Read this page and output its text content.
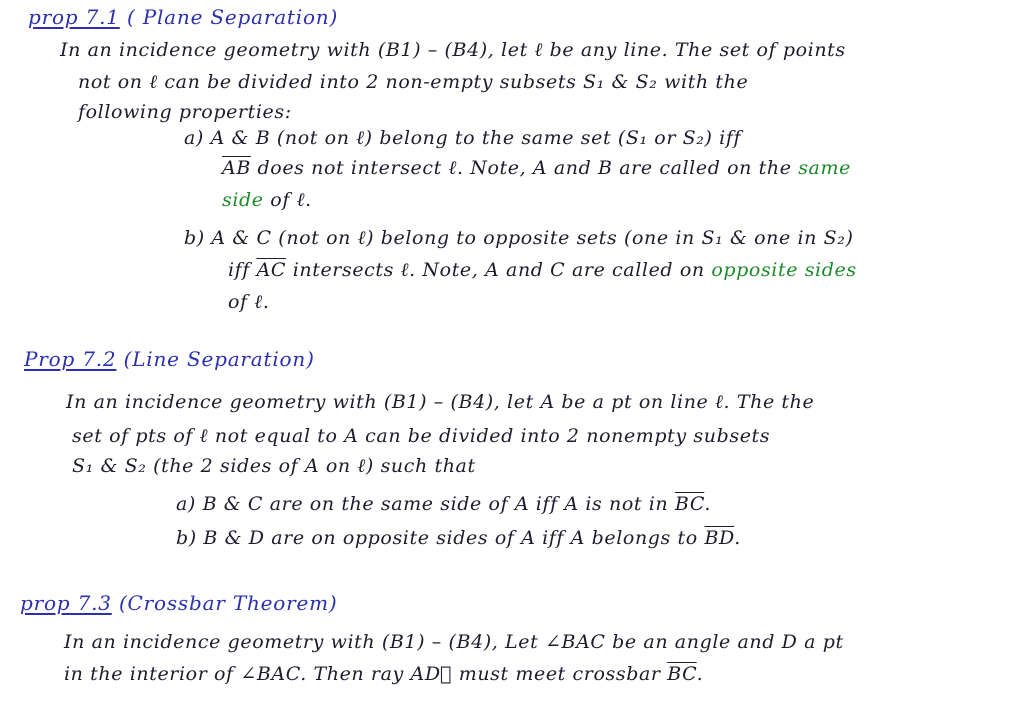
prop 7.1 ( Plane Separation)
In an incidence geometry with (B1) – (B4), let ℓ be any line. The set of points
not on ℓ can be divided into 2 non-empty subsets S₁ & S₂ with the
following properties:
a) A & B (not on ℓ) belong to the same set (S₁ or S₂) iff
$\overline{AB}$ does not intersect ℓ. Note, A and B are called on the same
side of ℓ.
b) A & C (not on ℓ) belong to opposite sets (one in S₁ & one in S₂)
iff $\overline{AC}$ intersects ℓ. Note, A and C are called on opposite sides
of ℓ.
Prop 7.2 (Line Separation)
In an incidence geometry with (B1) – (B4), let A be a pt on line ℓ. The the
set of pts of ℓ not equal to A can be divided into 2 nonempty subsets
S₁ & S₂ (the 2 sides of A on ℓ) such that
a) B & C are on the same side of A iff A is not in $\overline{BC}$.
b) B & D are on opposite sides of A iff A belongs to $\overline{BD}$.
prop 7.3 (Crossbar Theorem)
In an incidence geometry with (B1) – (B4), Let ∠BAC be an angle and D a pt
in the interior of ∠BAC. Then ray AD⃗ must meet crossbar $\overline{BC}$.
